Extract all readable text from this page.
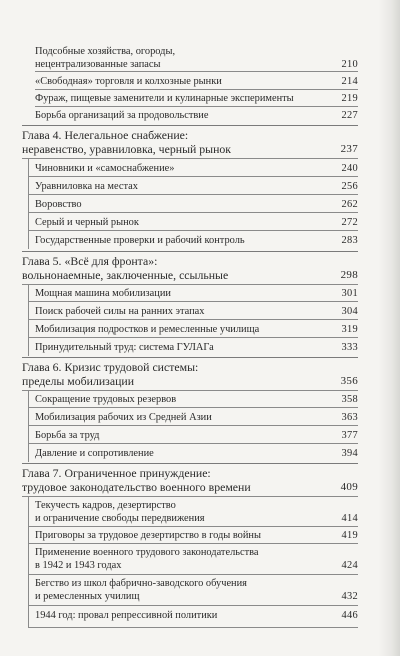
Подсобные хозяйства, огороды,
нецентрализованные запасы	210
«Свободная» торговля и колхозные рынки	214
Фураж, пищевые заменители и кулинарные эксперименты	219
Борьба организаций за продовольствие	227
Глава 4. Нелегальное снабжение:
неравенство, уравниловка, черный рынок	237
Чиновники и «самоснабжение»	240
Уравниловка на местах	256
Воровство	262
Серый и черный рынок	272
Государственные проверки и рабочий контроль	283
Глава 5. «Всё для фронта»:
вольнонаемные, заключенные, ссыльные	298
Мощная машина мобилизации	301
Поиск рабочей силы на ранних этапах	304
Мобилизация подростков и ремесленные училища	319
Принудительный труд: система ГУЛАГа	333
Глава 6. Кризис трудовой системы:
пределы мобилизации	356
Сокращение трудовых резервов	358
Мобилизация рабочих из Средней Азии	363
Борьба за труд	377
Давление и сопротивление	394
Глава 7. Ограниченное принуждение:
трудовое законодательство военного времени	409
Текучесть кадров, дезертирство
и ограничение свободы передвижения	414
Приговоры за трудовое дезертирство в годы войны	419
Применение военного трудового законодательства
в 1942 и 1943 годах	424
Бегство из школ фабрично-заводского обучения
и ремесленных училищ	432
1944 год: провал репрессивной политики	446
